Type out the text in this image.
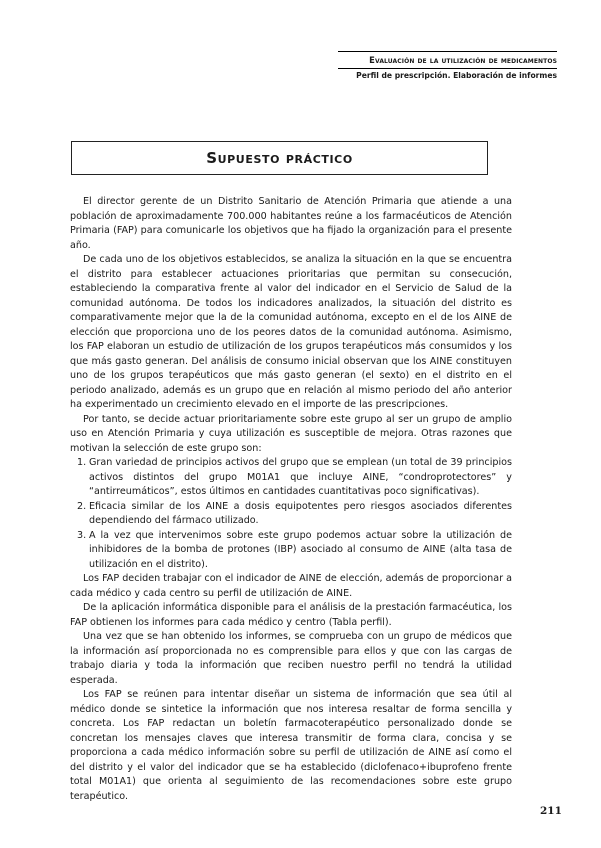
Evaluación de la utilización de medicamentos
Perfil de prescripción. Elaboración de informes
Supuesto práctico

El director gerente de un Distrito Sanitario de Atención Primaria que atiende a una población de aproximadamente 700.000 habitantes reúne a los farmacéuticos de Atención Primaria (FAP) para comunicarle los objetivos que ha fijado la organización para el presente año.

De cada uno de los objetivos establecidos, se analiza la situación en la que se encuentra el distrito para establecer actuaciones prioritarias que permitan su consecución, estableciendo la comparativa frente al valor del indicador en el Servicio de Salud de la comunidad autónoma. De todos los indicadores analizados, la situación del distrito es comparativamente mejor que la de la comunidad autónoma, excepto en el de los AINE de elección que proporciona uno de los peores datos de la comunidad autónoma. Asimismo, los FAP elaboran un estudio de utilización de los grupos terapéuticos más consumidos y los que más gasto generan. Del análisis de consumo inicial observan que los AINE constituyen uno de los grupos terapéuticos que más gasto generan (el sexto) en el distrito en el periodo analizado, además es un grupo que en relación al mismo periodo del año anterior ha experimentado un crecimiento elevado en el importe de las prescripciones.

Por tanto, se decide actuar prioritariamente sobre este grupo al ser un grupo de amplio uso en Atención Primaria y cuya utilización es susceptible de mejora. Otras razones que motivan la selección de este grupo son:

1. Gran variedad de principios activos del grupo que se emplean (un total de 39 principios activos distintos del grupo M01A1 que incluye AINE, “condroprotectores” y “antirreumáticos”, estos últimos en cantidades cuantitativas poco significativas).
2. Eficacia similar de los AINE a dosis equipotentes pero riesgos asociados diferentes dependiendo del fármaco utilizado.
3. A la vez que intervenimos sobre este grupo podemos actuar sobre la utilización de inhibidores de la bomba de protones (IBP) asociado al consumo de AINE (alta tasa de utilización en el distrito).

Los FAP deciden trabajar con el indicador de AINE de elección, además de proporcionar a cada médico y cada centro su perfil de utilización de AINE.

De la aplicación informática disponible para el análisis de la prestación farmacéutica, los FAP obtienen los informes para cada médico y centro (Tabla perfil).

Una vez que se han obtenido los informes, se comprueba con un grupo de médicos que la información así proporcionada no es comprensible para ellos y que con las cargas de trabajo diaria y toda la información que reciben nuestro perfil no tendrá la utilidad esperada.

Los FAP se reúnen para intentar diseñar un sistema de información que sea útil al médico donde se sintetice la información que nos interesa resaltar de forma sencilla y concreta. Los FAP redactan un boletín farmacoterapéutico personalizado donde se concretan los mensajes claves que interesa transmitir de forma clara, concisa y se proporciona a cada médico información sobre su perfil de utilización de AINE así como el del distrito y el valor del indicador que se ha establecido (diclofenaco+ibuprofeno frente total M01A1) que orienta al seguimiento de las recomendaciones sobre este grupo terapéutico.

211
